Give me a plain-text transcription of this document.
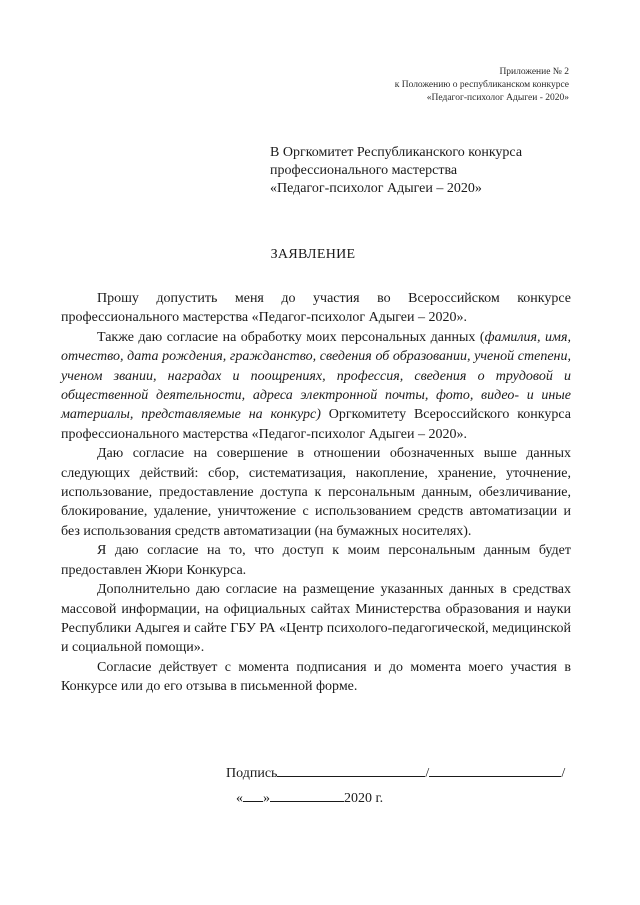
Приложение № 2
к Положению о республиканском конкурсе
«Педагог-психолог Адыгеи - 2020»
В Оргкомитет Республиканского конкурса
профессионального мастерства
«Педагог-психолог Адыгеи – 2020»
ЗАЯВЛЕНИЕ

Прошу допустить меня до участия во Всероссийском конкурсе профессионального мастерства «Педагог-психолог Адыгеи – 2020».

Также даю согласие на обработку моих персональных данных (фамилия, имя, отчество, дата рождения, гражданство, сведения об образовании, ученой степени, ученом звании, наградах и поощрениях, профессия, сведения о трудовой и общественной деятельности, адреса электронной почты, фото, видео- и иные материалы, представляемые на конкурс) Оргкомитету Всероссийского конкурса профессионального мастерства «Педагог-психолог Адыгеи – 2020».

Даю согласие на совершение в отношении обозначенных выше данных следующих действий: сбор, систематизация, накопление, хранение, уточнение, использование, предоставление доступа к персональным данным, обезличивание, блокирование, удаление, уничтожение с использованием средств автоматизации и без использования средств автоматизации (на бумажных носителях).

Я даю согласие на то, что доступ к моим персональным данным будет предоставлен Жюри Конкурса.

Дополнительно даю согласие на размещение указанных данных в средствах массовой информации, на официальных сайтах Министерства образования и науки Республики Адыгея и сайте ГБУ РА «Центр психолого-педагогической, медицинской и социальной помощи».

Согласие действует с момента подписания и до момента моего участия в Конкурсе или до его отзыва в письменной форме.

Подпись	/	/
« »	2020 г.
